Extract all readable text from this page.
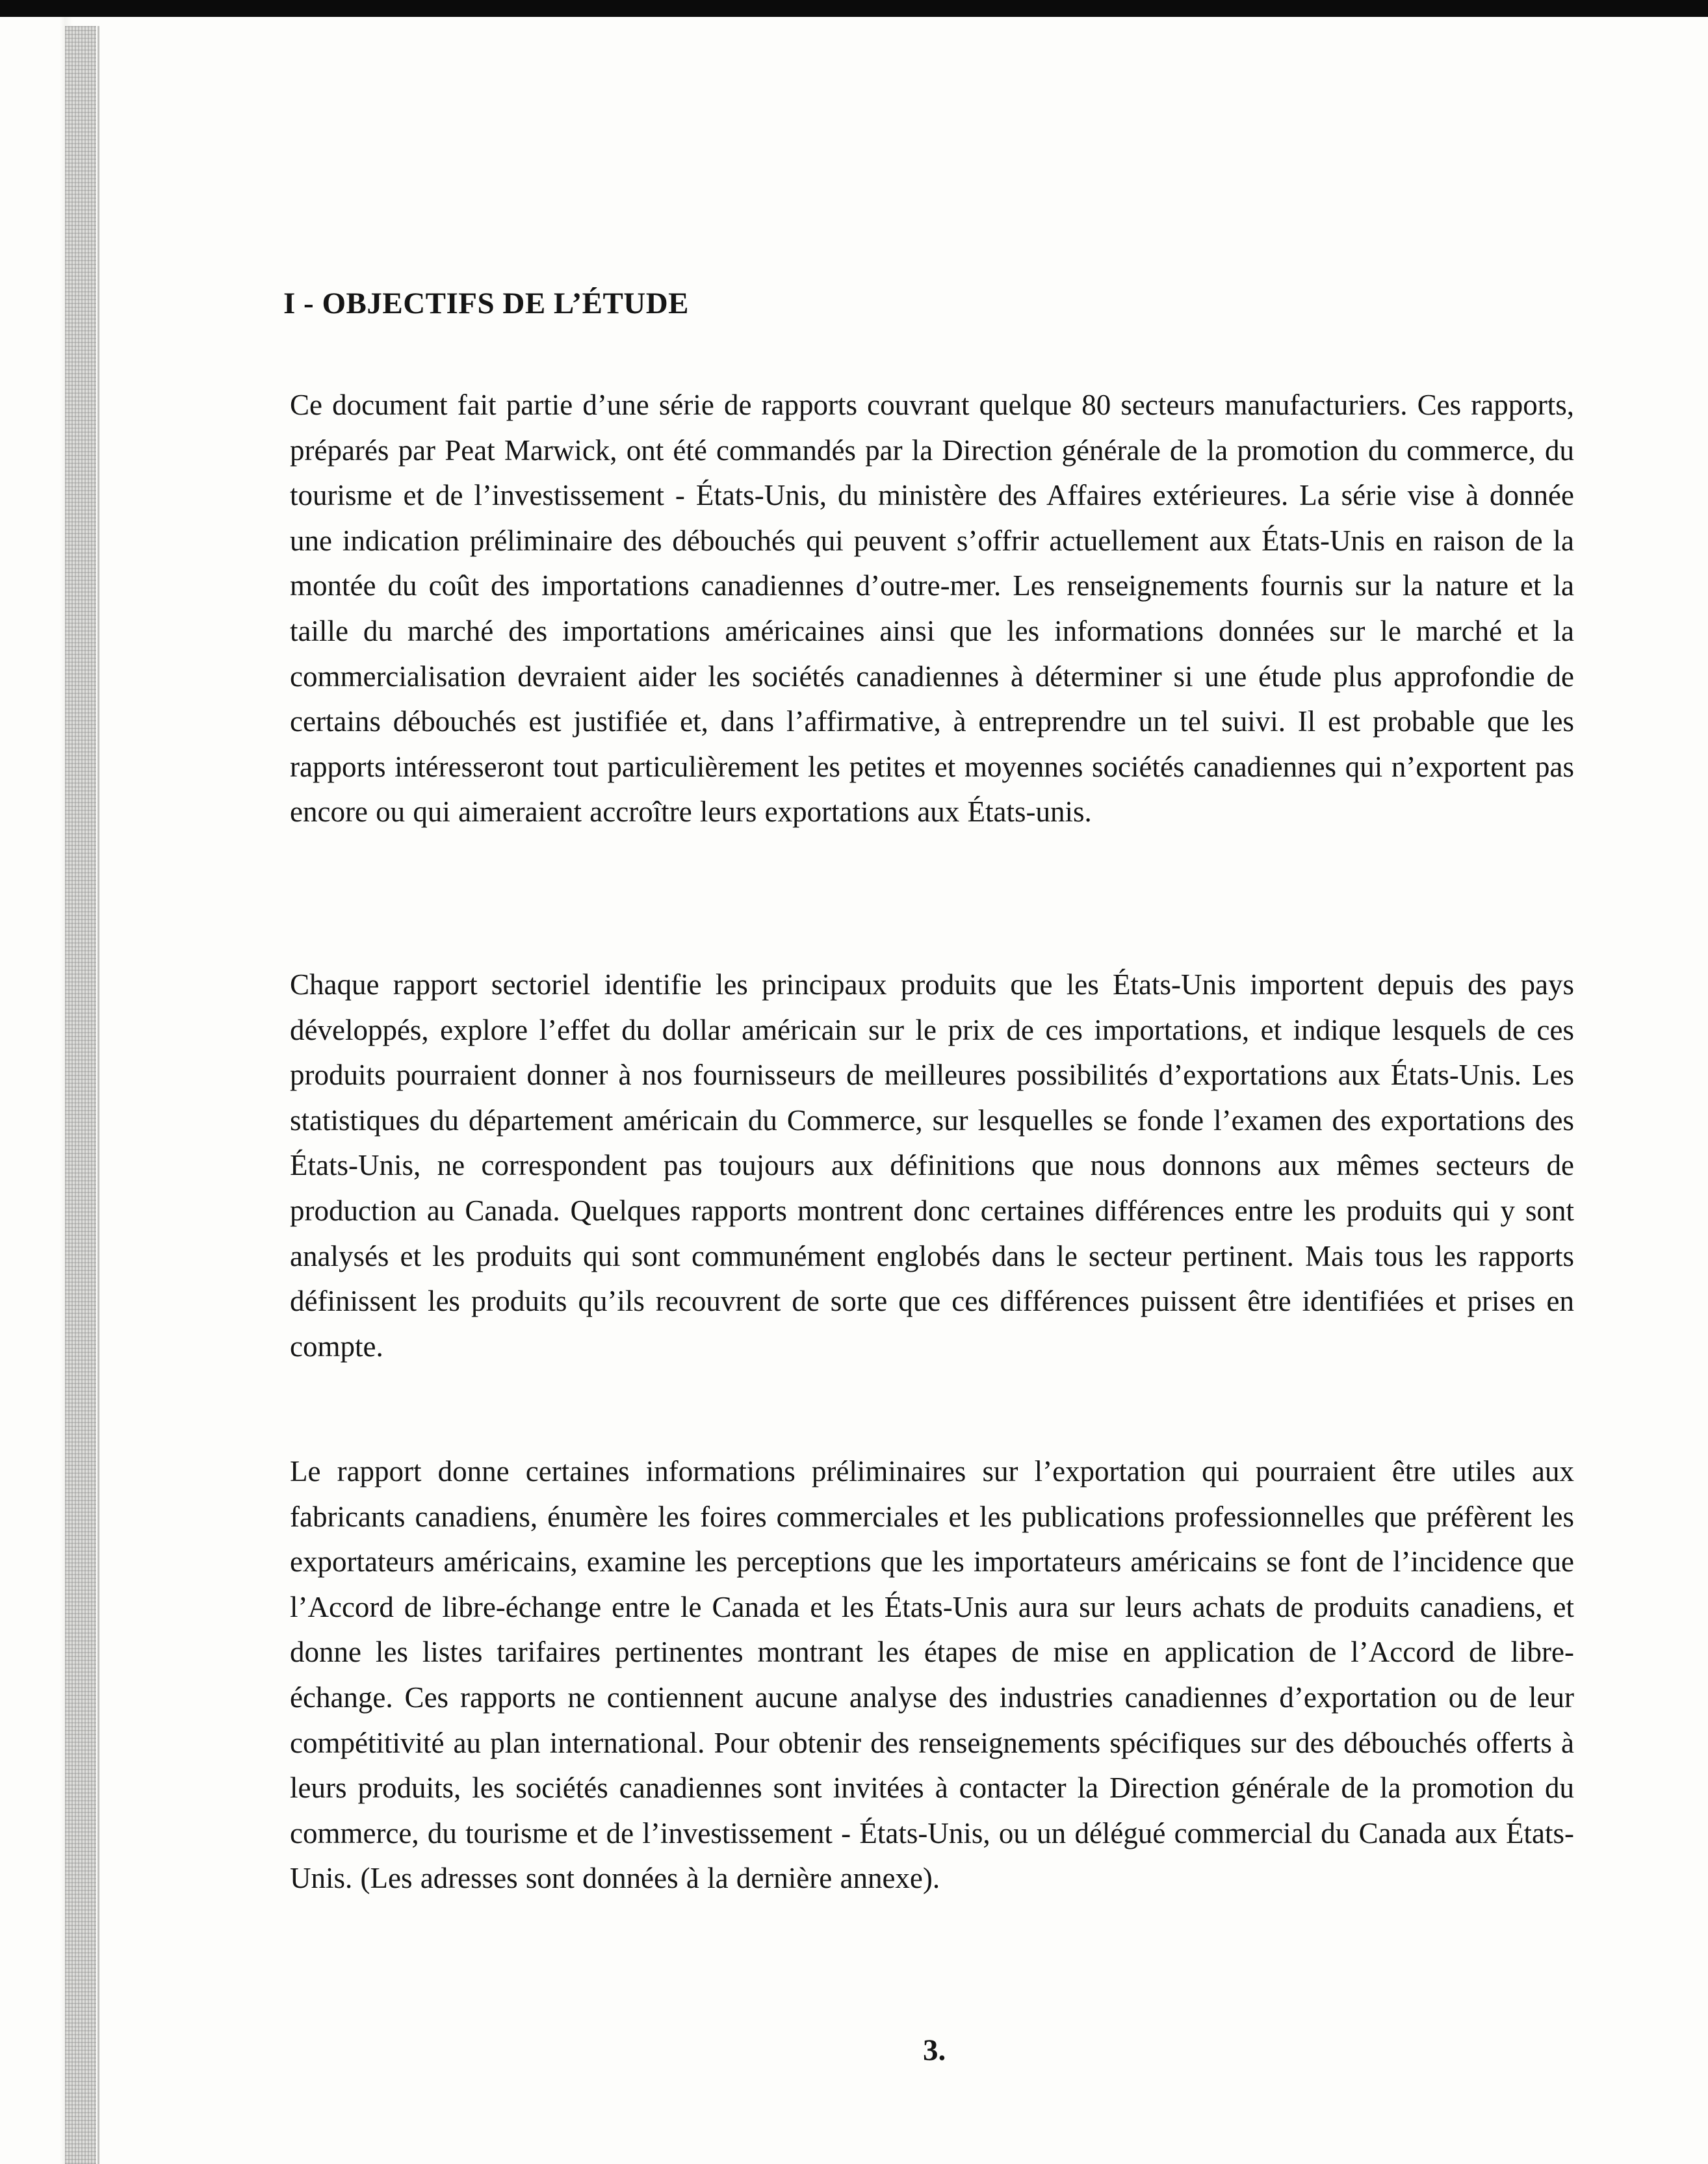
I - OBJECTIFS DE L’ÉTUDE

Ce document fait partie d’une série de rapports couvrant quelque 80 secteurs manufacturiers. Ces rapports, préparés par Peat Marwick, ont été commandés par la Direction générale de la promotion du commerce, du tourisme et de l’investissement - États-Unis, du ministère des Affaires extérieures. La série vise à donnée une indication préliminaire des débouchés qui peuvent s’offrir actuellement aux États-Unis en raison de la montée du coût des importations canadiennes d’outre-mer. Les renseignements fournis sur la nature et la taille du marché des importations américaines ainsi que les informations données sur le marché et la commercialisation devraient aider les sociétés canadiennes à déterminer si une étude plus approfondie de certains débouchés est justifiée et, dans l’affirmative, à entreprendre un tel suivi. Il est probable que les rapports intéresseront tout particulièrement les petites et moyennes sociétés canadiennes qui n’exportent pas encore ou qui aimeraient accroître leurs exportations aux États-unis.

Chaque rapport sectoriel identifie les principaux produits que les États-Unis importent depuis des pays développés, explore l’effet du dollar américain sur le prix de ces importations, et indique lesquels de ces produits pourraient donner à nos fournisseurs de meilleures possibilités d’exportations aux États-Unis. Les statistiques du département américain du Commerce, sur lesquelles se fonde l’examen des exportations des États-Unis, ne correspondent pas toujours aux définitions que nous donnons aux mêmes secteurs de production au Canada. Quelques rapports montrent donc certaines différences entre les produits qui y sont analysés et les produits qui sont communément englobés dans le secteur pertinent. Mais tous les rapports définissent les produits qu’ils recouvrent de sorte que ces différences puissent être identifiées et prises en compte.

Le rapport donne certaines informations préliminaires sur l’exportation qui pourraient être utiles aux fabricants canadiens, énumère les foires commerciales et les publications professionnelles que préfèrent les exportateurs américains, examine les perceptions que les importateurs américains se font de l’incidence que l’Accord de libre-échange entre le Canada et les États-Unis aura sur leurs achats de produits canadiens, et donne les listes tarifaires pertinentes montrant les étapes de mise en application de l’Accord de libre-échange. Ces rapports ne contiennent aucune analyse des industries canadiennes d’exportation ou de leur compétitivité au plan international. Pour obtenir des renseignements spécifiques sur des débouchés offerts à leurs produits, les sociétés canadiennes sont invitées à contacter la Direction générale de la promotion du commerce, du tourisme et de l’investissement - États-Unis, ou un délégué commercial du Canada aux États-Unis. (Les adresses sont données à la dernière annexe).

3.
